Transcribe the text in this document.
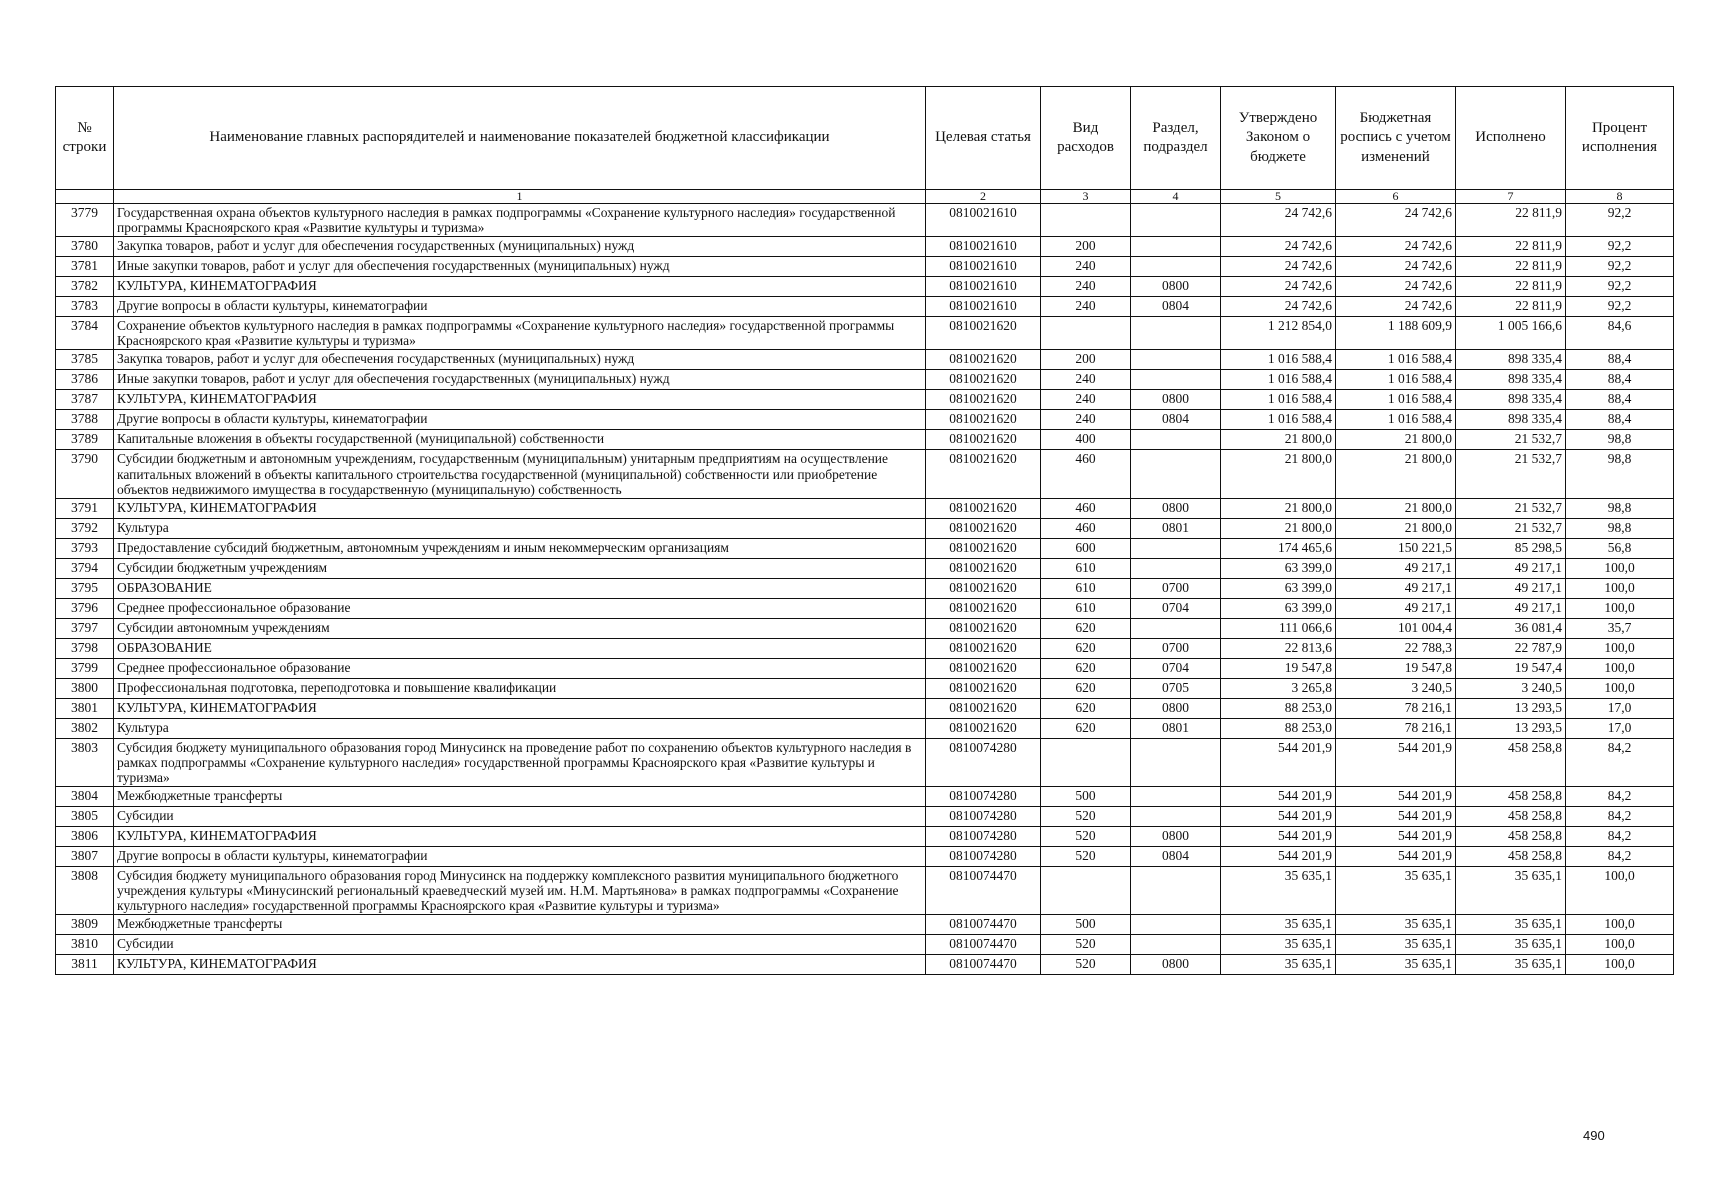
№ строки	Наименование главных распорядителей и наименование показателей бюджетной классификации	Целевая статья	Вид расходов	Раздел, подраздел	Утверждено Законом о бюджете	Бюджетная роспись с учетом изменений	Исполнено	Процент исполнения
	1	2	3	4	5	6	7	8
3779	Государственная охрана объектов культурного наследия в рамках подпрограммы «Сохранение культурного наследия» государственной программы Красноярского края «Развитие культуры и туризма»	0810021610			24 742,6	24 742,6	22 811,9	92,2
3780	Закупка товаров, работ и услуг для обеспечения государственных (муниципальных) нужд	0810021610	200		24 742,6	24 742,6	22 811,9	92,2
3781	Иные закупки товаров, работ и услуг для обеспечения государственных (муниципальных) нужд	0810021610	240		24 742,6	24 742,6	22 811,9	92,2
3782	КУЛЬТУРА, КИНЕМАТОГРАФИЯ	0810021610	240	0800	24 742,6	24 742,6	22 811,9	92,2
3783	Другие вопросы в области культуры, кинематографии	0810021610	240	0804	24 742,6	24 742,6	22 811,9	92,2
3784	Сохранение объектов культурного наследия в рамках подпрограммы «Сохранение культурного наследия» государственной программы Красноярского края «Развитие культуры и туризма»	0810021620			1 212 854,0	1 188 609,9	1 005 166,6	84,6
3785	Закупка товаров, работ и услуг для обеспечения государственных (муниципальных) нужд	0810021620	200		1 016 588,4	1 016 588,4	898 335,4	88,4
3786	Иные закупки товаров, работ и услуг для обеспечения государственных (муниципальных) нужд	0810021620	240		1 016 588,4	1 016 588,4	898 335,4	88,4
3787	КУЛЬТУРА, КИНЕМАТОГРАФИЯ	0810021620	240	0800	1 016 588,4	1 016 588,4	898 335,4	88,4
3788	Другие вопросы в области культуры, кинематографии	0810021620	240	0804	1 016 588,4	1 016 588,4	898 335,4	88,4
3789	Капитальные вложения в объекты государственной (муниципальной) собственности	0810021620	400		21 800,0	21 800,0	21 532,7	98,8
3790	Субсидии бюджетным и автономным учреждениям, государственным (муниципальным) унитарным предприятиям на осуществление капитальных вложений в объекты капитального строительства государственной (муниципальной) собственности или приобретение объектов недвижимого имущества в государственную (муниципальную) собственность	0810021620	460		21 800,0	21 800,0	21 532,7	98,8
3791	КУЛЬТУРА, КИНЕМАТОГРАФИЯ	0810021620	460	0800	21 800,0	21 800,0	21 532,7	98,8
3792	Культура	0810021620	460	0801	21 800,0	21 800,0	21 532,7	98,8
3793	Предоставление субсидий бюджетным, автономным учреждениям и иным некоммерческим организациям	0810021620	600		174 465,6	150 221,5	85 298,5	56,8
3794	Субсидии бюджетным учреждениям	0810021620	610		63 399,0	49 217,1	49 217,1	100,0
3795	ОБРАЗОВАНИЕ	0810021620	610	0700	63 399,0	49 217,1	49 217,1	100,0
3796	Среднее профессиональное образование	0810021620	610	0704	63 399,0	49 217,1	49 217,1	100,0
3797	Субсидии автономным учреждениям	0810021620	620		111 066,6	101 004,4	36 081,4	35,7
3798	ОБРАЗОВАНИЕ	0810021620	620	0700	22 813,6	22 788,3	22 787,9	100,0
3799	Среднее профессиональное образование	0810021620	620	0704	19 547,8	19 547,8	19 547,4	100,0
3800	Профессиональная подготовка, переподготовка и повышение квалификации	0810021620	620	0705	3 265,8	3 240,5	3 240,5	100,0
3801	КУЛЬТУРА, КИНЕМАТОГРАФИЯ	0810021620	620	0800	88 253,0	78 216,1	13 293,5	17,0
3802	Культура	0810021620	620	0801	88 253,0	78 216,1	13 293,5	17,0
3803	Субсидия бюджету муниципального образования город Минусинск на проведение работ по сохранению объектов культурного наследия в рамках подпрограммы «Сохранение культурного наследия» государственной программы Красноярского края «Развитие культуры и туризма»	0810074280			544 201,9	544 201,9	458 258,8	84,2
3804	Межбюджетные трансферты	0810074280	500		544 201,9	544 201,9	458 258,8	84,2
3805	Субсидии	0810074280	520		544 201,9	544 201,9	458 258,8	84,2
3806	КУЛЬТУРА, КИНЕМАТОГРАФИЯ	0810074280	520	0800	544 201,9	544 201,9	458 258,8	84,2
3807	Другие вопросы в области культуры, кинематографии	0810074280	520	0804	544 201,9	544 201,9	458 258,8	84,2
3808	Субсидия бюджету муниципального образования город Минусинск на поддержку комплексного развития муниципального бюджетного учреждения культуры «Минусинский региональный краеведческий музей им. Н.М. Мартьянова» в рамках подпрограммы «Сохранение культурного наследия» государственной программы Красноярского края «Развитие культуры и туризма»	0810074470			35 635,1	35 635,1	35 635,1	100,0
3809	Межбюджетные трансферты	0810074470	500		35 635,1	35 635,1	35 635,1	100,0
3810	Субсидии	0810074470	520		35 635,1	35 635,1	35 635,1	100,0
3811	КУЛЬТУРА, КИНЕМАТОГРАФИЯ	0810074470	520	0800	35 635,1	35 635,1	35 635,1	100,0
490
